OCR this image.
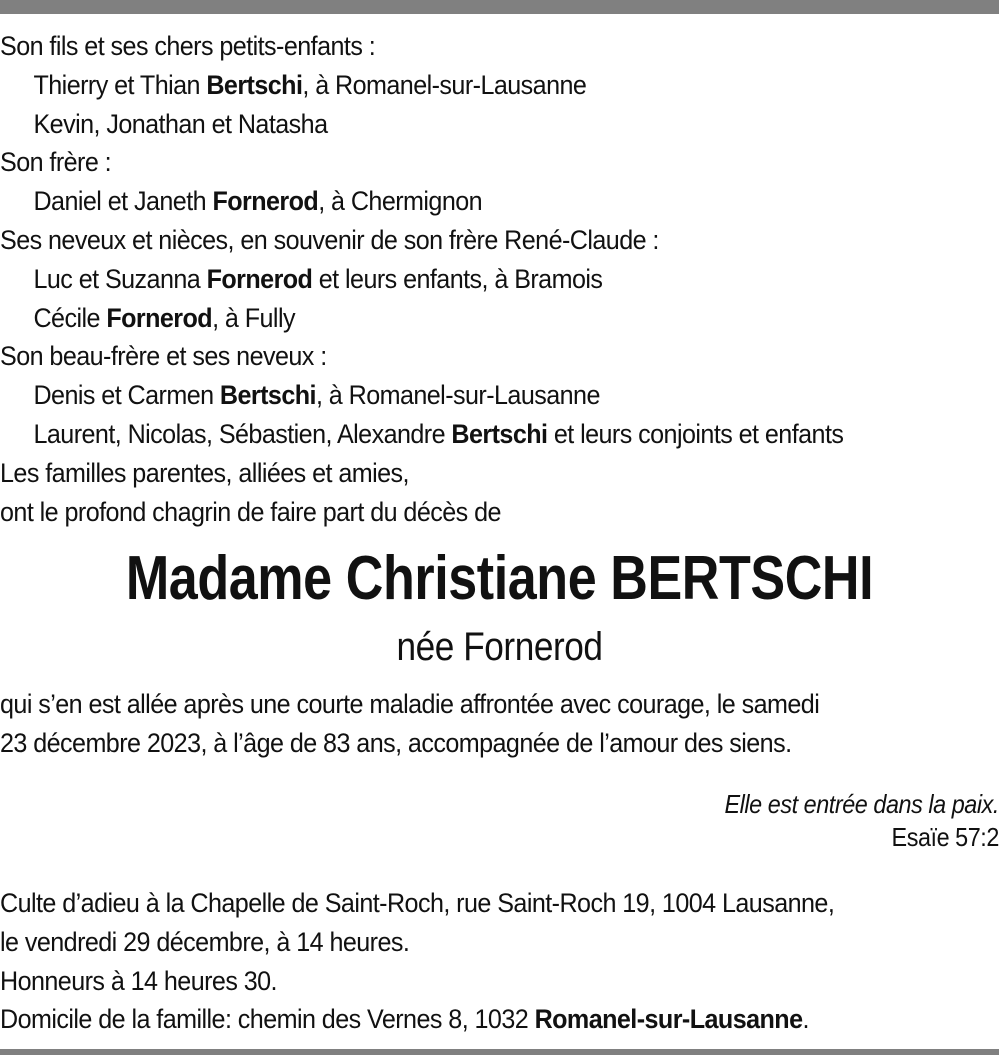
Son fils et ses chers petits-enfants :
Thierry et Thian Bertschi, à Romanel-sur-Lausanne
Kevin, Jonathan et Natasha
Son frère :
Daniel et Janeth Fornerod, à Chermignon
Ses neveux et nièces, en souvenir de son frère René-Claude :
Luc et Suzanna Fornerod et leurs enfants, à Bramois
Cécile Fornerod, à Fully
Son beau-frère et ses neveux :
Denis et Carmen Bertschi, à Romanel-sur-Lausanne
Laurent, Nicolas, Sébastien, Alexandre Bertschi et leurs conjoints et enfants
Les familles parentes, alliées et amies,
ont le profond chagrin de faire part du décès de
Madame Christiane BERTSCHI
née Fornerod
qui s’en est allée après une courte maladie affrontée avec courage, le samedi
23 décembre 2023, à l’âge de 83 ans, accompagnée de l’amour des siens.
Elle est entrée dans la paix.
Esaïe 57:2
Culte d’adieu à la Chapelle de Saint-Roch, rue Saint-Roch 19, 1004 Lausanne,
le vendredi 29 décembre, à 14 heures.
Honneurs à 14 heures 30.
Domicile de la famille: chemin des Vernes 8, 1032 Romanel-sur-Lausanne.
